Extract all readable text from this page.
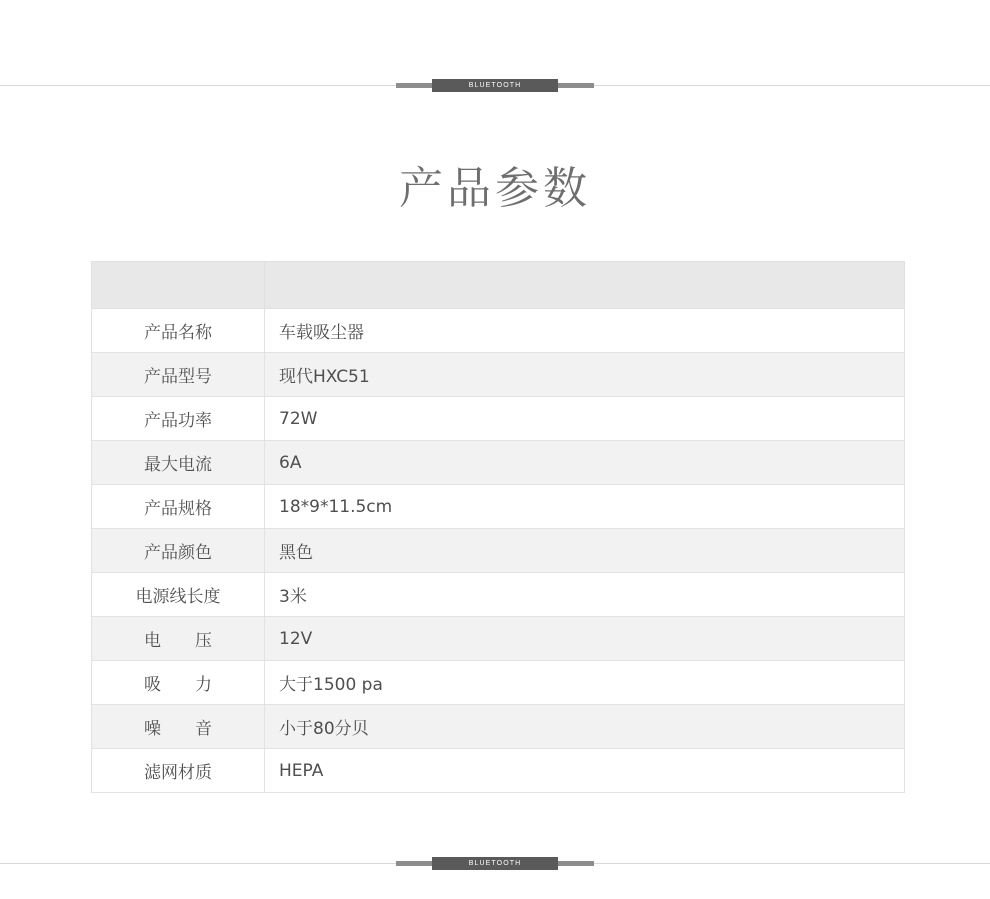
BLUETOOTH
产品参数

产品名称	车载吸尘器
产品型号	现代HXC51
产品功率	72W
最大电流	6A
产品规格	18*9*11.5cm
产品颜色	黑色
电源线长度	3米
电　　压	12V
吸　　力	大于1500 pa
噪　　音	小于80分贝
滤网材质	HEPA
BLUETOOTH
